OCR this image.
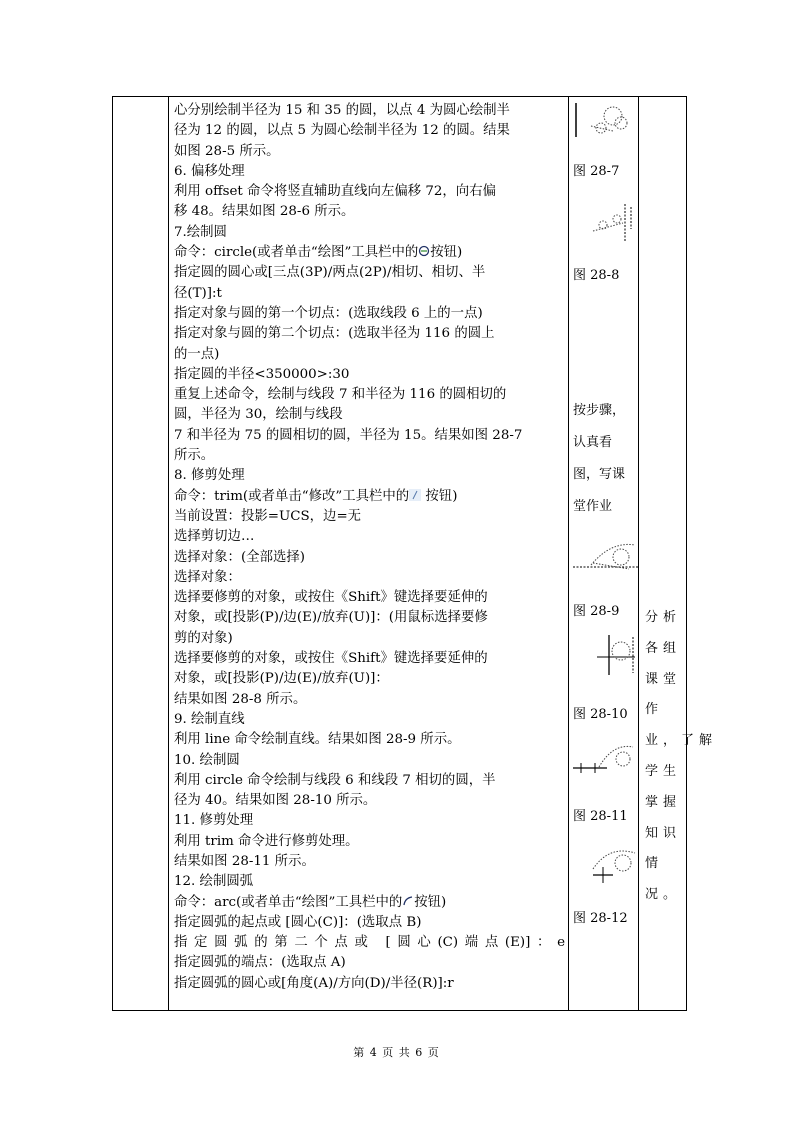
心分别绘制半径为 15 和 35 的圆，以点 4 为圆心绘制半
径为 12 的圆，以点 5 为圆心绘制半径为 12 的圆。结果
如图 28-5 所示。
6. 偏移处理
利用 offset 命令将竖直辅助直线向左偏移 72，向右偏
移 48。结果如图 28-6 所示。
7.绘制圆
命令：circle(或者单击“绘图”工具栏中的 按钮)
指定圆的圆心或[三点(3P)/两点(2P)/相切、相切、半
径(T)]:t
指定对象与圆的第一个切点：(选取线段 6 上的一点)
指定对象与圆的第二个切点：(选取半径为 116 的圆上
的一点)
指定圆的半径<350000>:30
重复上述命令，绘制与线段 7 和半径为 116 的圆相切的
圆，半径为 30，绘制与线段
7 和半径为 75 的圆相切的圆，半径为 15。结果如图 28-7
所示。
8. 修剪处理
命令：trim(或者单击“修改”工具栏中的 按钮)
当前设置：投影=UCS，边=无
选择剪切边…
选择对象：(全部选择)
选择对象：
选择要修剪的对象，或按住《Shift》键选择要延伸的
对象，或[投影(P)/边(E)/放弃(U)]：(用鼠标选择要修
剪的对象)
选择要修剪的对象，或按住《Shift》键选择要延伸的
对象，或[投影(P)/边(E)/放弃(U)]：
结果如图 28-8 所示。
9. 绘制直线
利用 line 命令绘制直线。结果如图 28-9 所示。
10. 绘制圆
利用 circle 命令绘制与线段 6 和线段 7 相切的圆，半
径为 40。结果如图 28-10 所示。
11. 修剪处理
利用 trim 命令进行修剪处理。
结果如图 28-11 所示。
12. 绘制圆弧
命令：arc(或者单击“绘图”工具栏中的 按钮)
指定圆弧的起点或 [圆心(C)]：(选取点 B)
指定圆弧的第二个点或 [圆心(C)端点(E)]：e
指定圆弧的端点：(选取点 A)
指定圆弧的圆心或[角度(A)/方向(D)/半径(R)]:r
图 28-7
图 28-8
按步骤，
认真看
图，写课
堂作业
图 28-9
图 28-10
图 28-11
图 28-12
分析
各组
课堂
作
业，了解
学生
掌握
知识
情
况。
第 4 页 共 6 页
